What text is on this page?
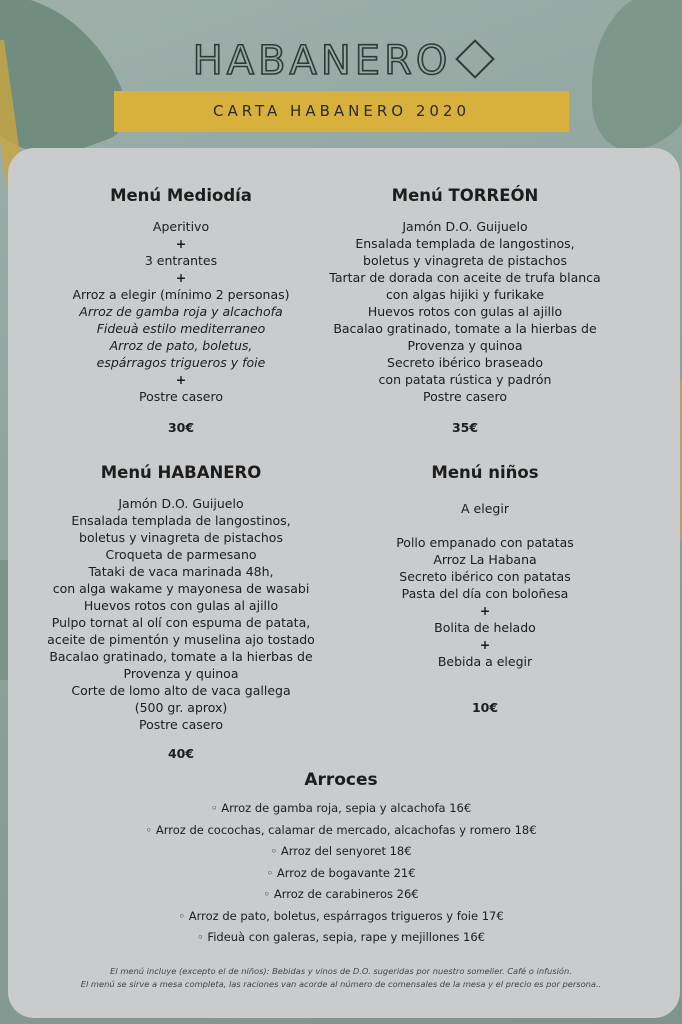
HABANERO
CARTA HABANERO 2020
Menú Mediodía
Aperitivo
+
3 entrantes
+
Arroz a elegir (mínimo 2 personas)
Arroz de gamba roja y alcachofa
Fideuà estilo mediterraneo
Arroz de pato, boletus,
espárragos trigueros y foie
+
Postre casero
30€
Menú TORREÓN
Jamón D.O. Guijuelo
Ensalada templada de langostinos,
boletus y vinagreta de pistachos
Tartar de dorada con aceite de trufa blanca
con algas hijiki y furikake
Huevos rotos con gulas al ajillo
Bacalao gratinado, tomate a la hierbas de
Provenza y quinoa
Secreto ibérico braseado
con patata rústica y padrón
Postre casero
35€
Menú HABANERO
Jamón D.O. Guijuelo
Ensalada templada de langostinos,
boletus y vinagreta de pistachos
Croqueta de parmesano
Tataki de vaca marinada 48h,
con alga wakame y mayonesa de wasabi
Huevos rotos con gulas al ajillo
Pulpo tornat al olí con espuma de patata,
aceite de pimentón y muselina ajo tostado
Bacalao gratinado, tomate a la hierbas de
Provenza y quinoa
Corte de lomo alto de vaca gallega
(500 gr. aprox)
Postre casero
40€
Menú niños
A elegir
Pollo empanado con patatas
Arroz La Habana
Secreto ibérico con patatas
Pasta del día con boloñesa
+
Bolita de helado
+
Bebida a elegir
10€
Arroces
◦ Arroz de gamba roja, sepia y alcachofa 16€
◦ Arroz de cocochas, calamar de mercado, alcachofas y romero 18€
◦ Arroz del senyoret 18€
◦ Arroz de bogavante 21€
◦ Arroz de carabineros 26€
◦ Arroz de pato, boletus, espárragos trigueros y foie 17€
◦ Fideuà con galeras, sepia, rape y mejillones 16€
El menú incluye (excepto el de niños): Bebidas y vinos de D.O. sugeridas por nuestro somelier. Café o infusión.
El menú se sirve a mesa completa, las raciones van acorde al número de comensales de la mesa y el precio es por persona..
